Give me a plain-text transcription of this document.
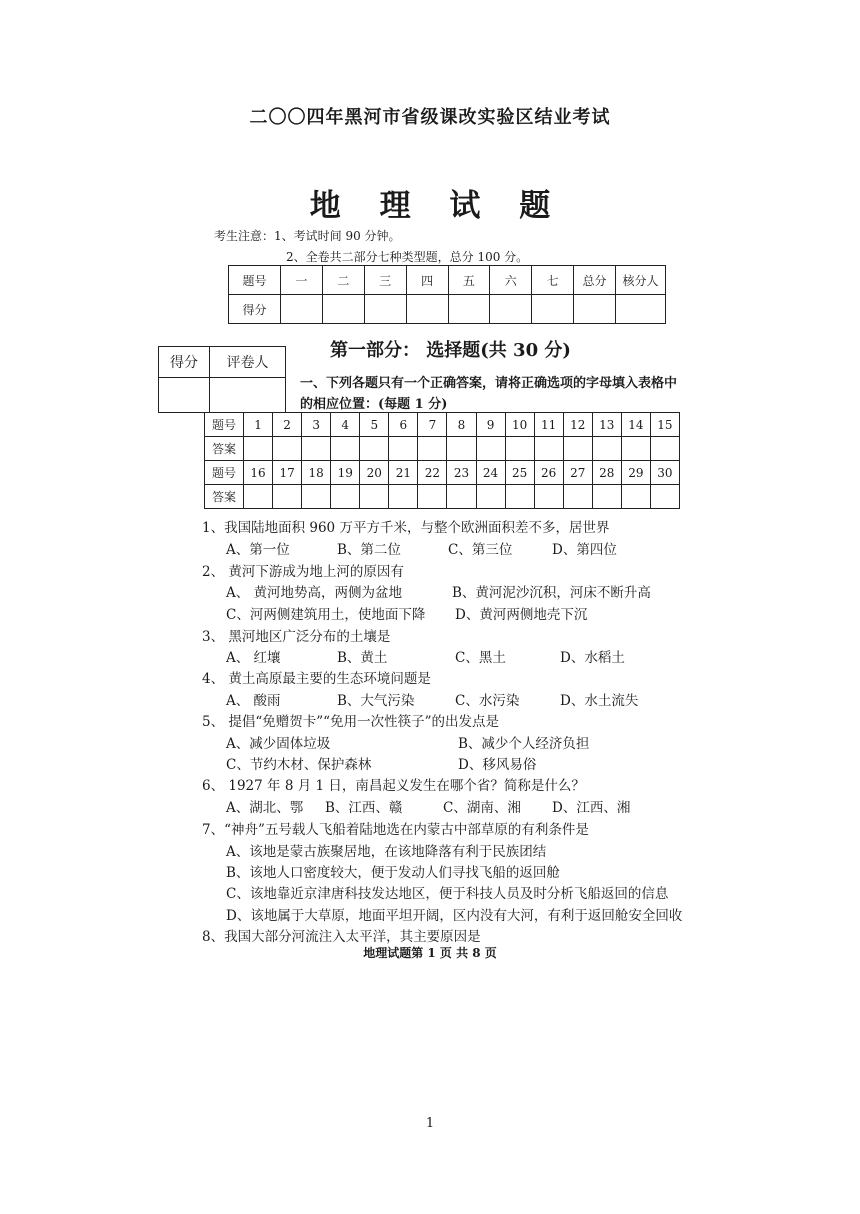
二〇〇四年黑河市省级课改实验区结业考试
地 理 试 题
考生注意：1、考试时间 90 分钟。
2、全卷共二部分七种类型题，总分 100 分。
题号	一	二	三	四	五	六	七	总分	核分人
得分									
得分	评卷人

第一部分： 选择题(共 30 分)
一、下列各题只有一个正确答案，请将正确选项的字母填入表格中
的相应位置：(每题 1 分)
题号	1	2	3	4	5	6	7	8	9	10	11	12	13	14	15
答案															
题号	16	17	18	19	20	21	22	23	24	25	26	27	28	29	30
答案															
1、我国陆地面积 960 万平方千米，与整个欧洲面积差不多，居世界
A、第一位	B、第二位	C、第三位	D、第四位
2、 黄河下游成为地上河的原因有
A、 黄河地势高，两侧为盆地	B、黄河泥沙沉积，河床不断升高
C、河两侧建筑用土，使地面下降 D、黄河两侧地壳下沉
3、 黑河地区广泛分布的土壤是
A、 红壤	B、黄土	C、黑土	D、水稻土
4、 黄土高原最主要的生态环境问题是
A、 酸雨	B、大气污染	C、水污染	D、水土流失
5、 提倡“免赠贺卡”“免用一次性筷子”的出发点是
A、减少固体垃圾	B、减少个人经济负担
C、节约木材、保护森林	D、移风易俗
6、 1927 年 8 月 1 日，南昌起义发生在哪个省？简称是什么？
A、湖北、鄂 B、江西、赣	C、湖南、湘 D、江西、湘
7、“神舟”五号载人飞船着陆地选在内蒙古中部草原的有利条件是
A、该地是蒙古族聚居地，在该地降落有利于民族团结
B、该地人口密度较大，便于发动人们寻找飞船的返回舱
C、该地靠近京津唐科技发达地区，便于科技人员及时分析飞船返回的信息
D、该地属于大草原，地面平坦开阔，区内没有大河，有利于返回舱安全回收
8、我国大部分河流注入太平洋，其主要原因是
地理试题第 1 页 共 8 页
1
